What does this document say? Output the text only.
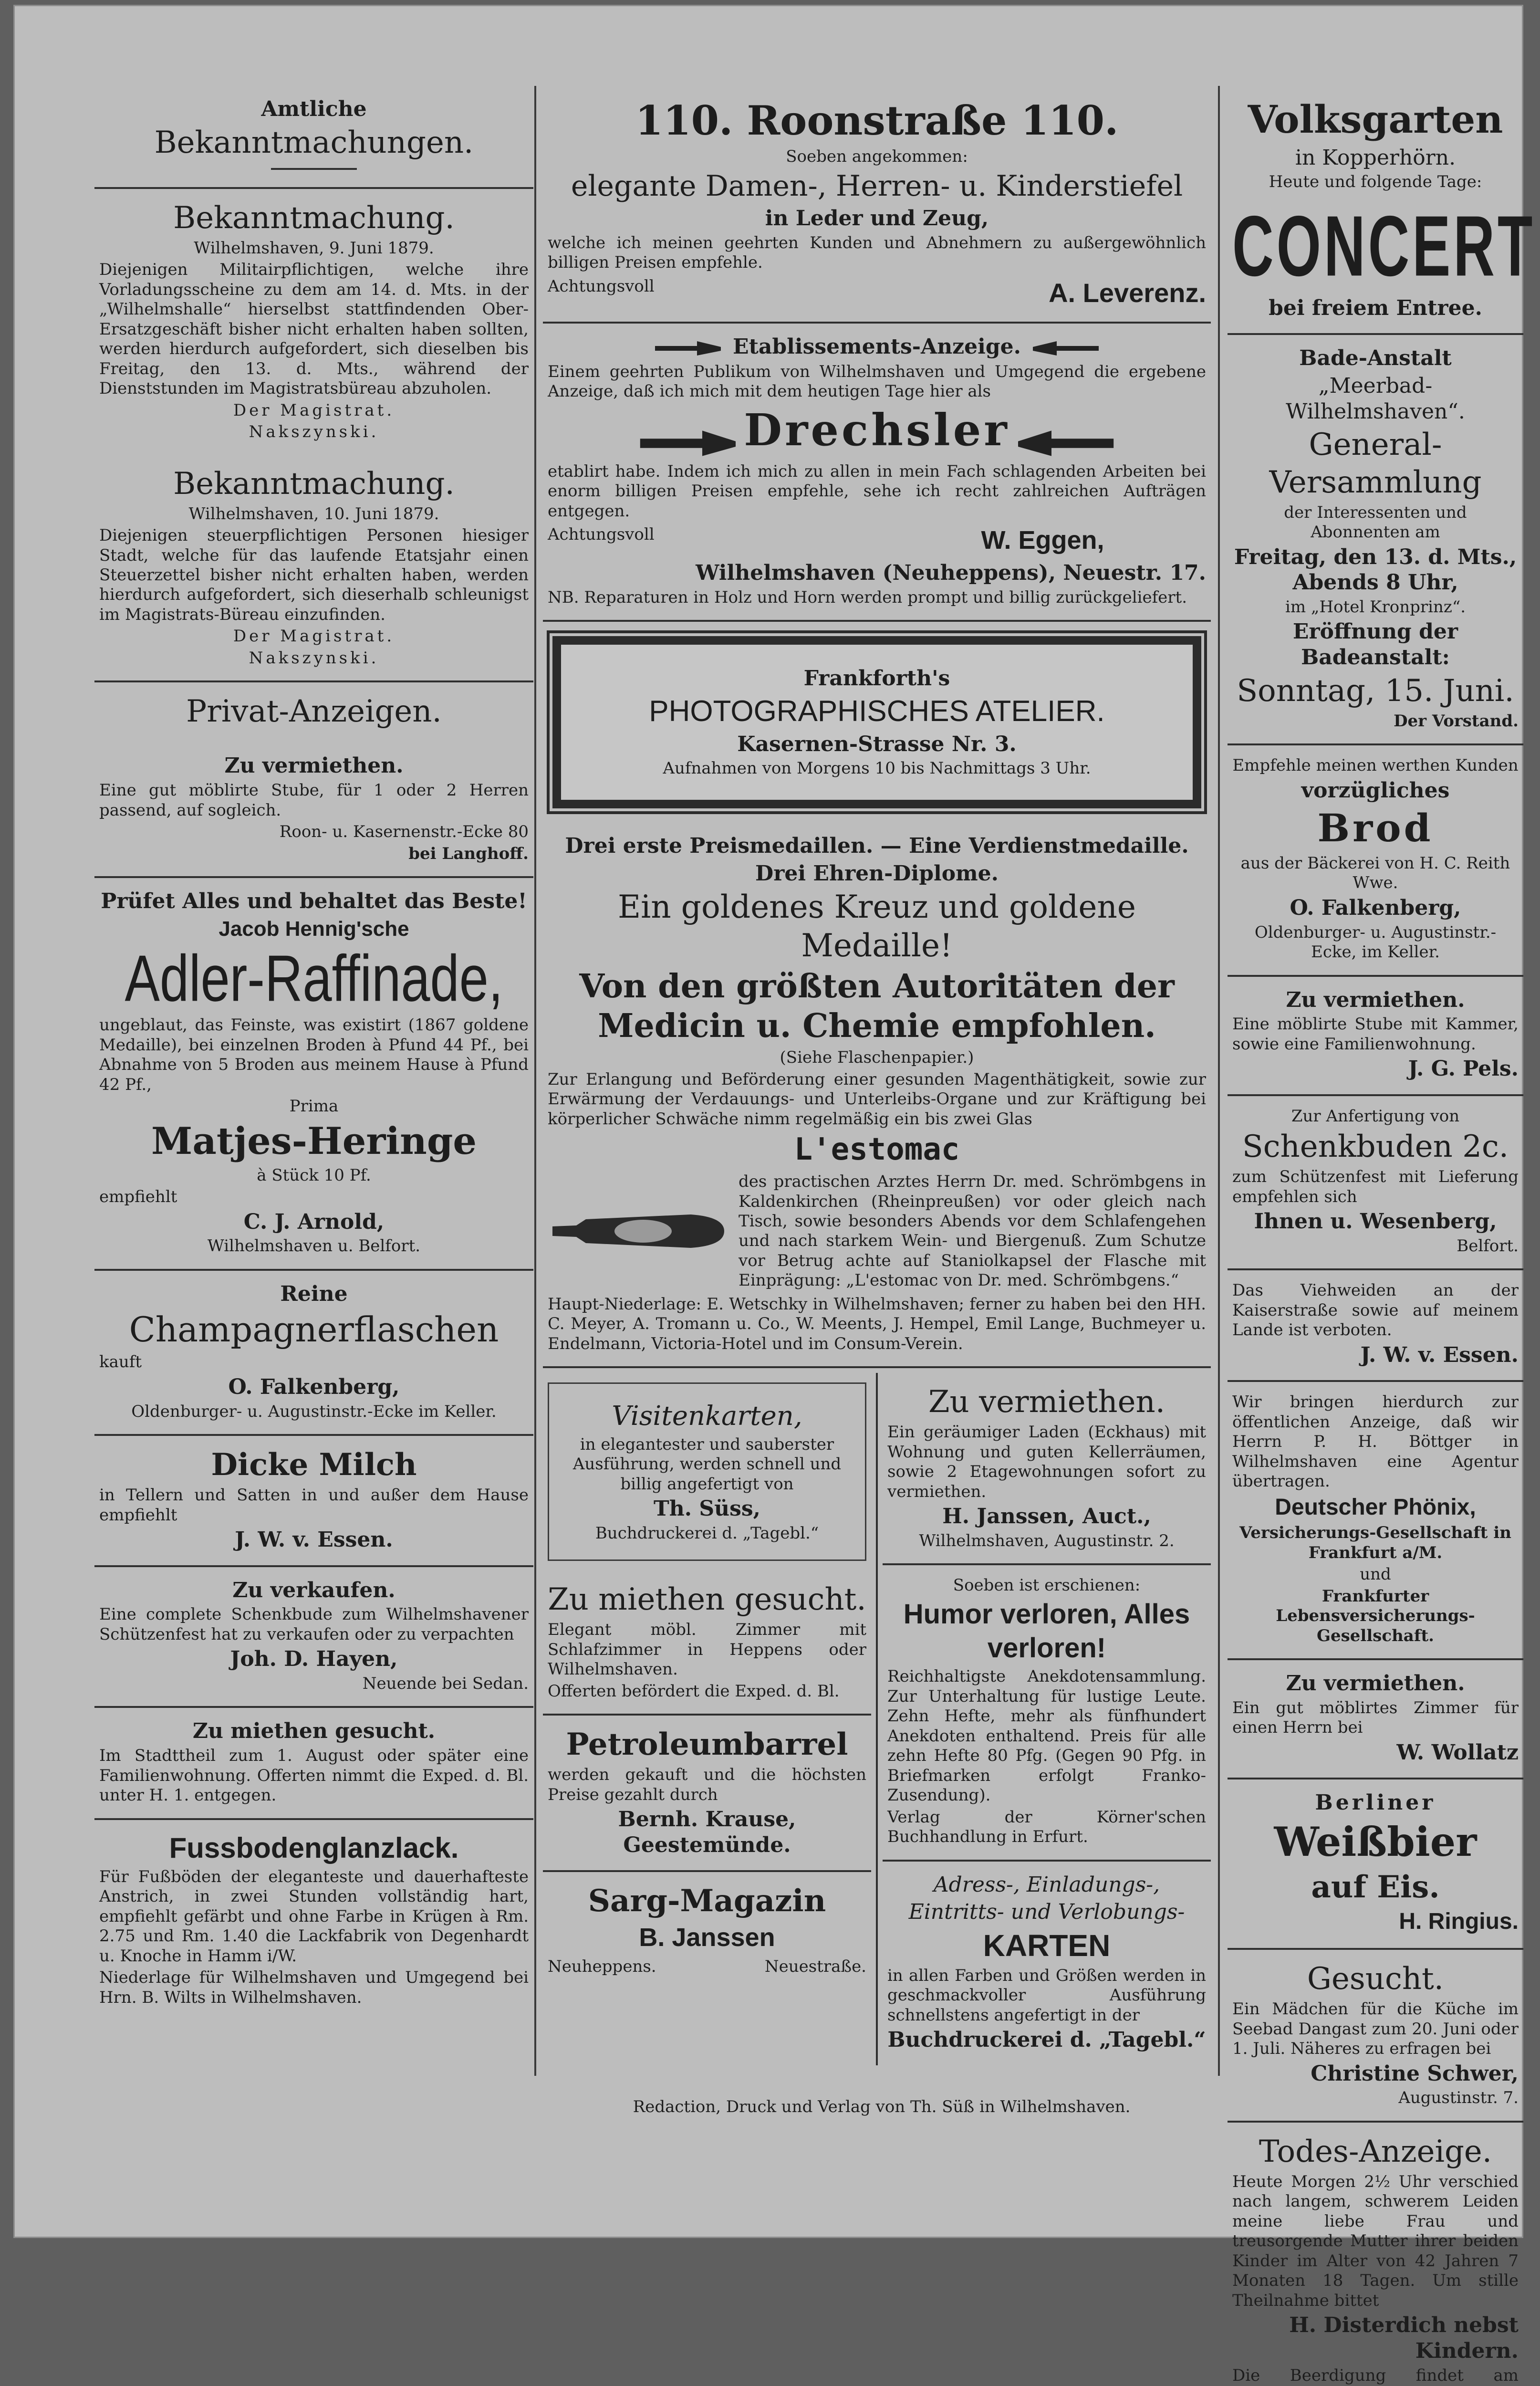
Amtliche
Bekanntmachungen.
Bekanntmachung.
Wilhelmshaven, 9. Juni 1879.
Diejenigen Militairpflichtigen, welche ihre Vorladungsscheine zu dem am 14. d. Mts. in der „Wilhelmshalle“ hierselbst stattfindenden Ober-Ersatzgeschäft bisher nicht erhalten haben sollten, werden hierdurch aufgefordert, sich dieselben bis Freitag, den 13. d. Mts., während der Dienststunden im Magistratsbüreau abzuholen.
Der Magistrat.
Nakszynski.
Bekanntmachung.
Wilhelmshaven, 10. Juni 1879.
Diejenigen steuerpflichtigen Personen hiesiger Stadt, welche für das laufende Etatsjahr einen Steuerzettel bisher nicht erhalten haben, werden hierdurch aufgefordert, sich dieserhalb schleunigst im Magistrats-Büreau einzufinden.
Der Magistrat.
Nakszynski.
Privat-Anzeigen.
Zu vermiethen.
Eine gut möblirte Stube, für 1 oder 2 Herren passend, auf sogleich.
Roon- u. Kasernenstr.-Ecke 80
bei Langhoff.
Prüfet Alles und behaltet das Beste!
Jacob Hennig'sche
Adler-Raffinade,
ungeblaut, das Feinste, was existirt (1867 goldene Medaille), bei einzelnen Broden à Pfund 44 Pf., bei Abnahme von 5 Broden aus meinem Hause à Pfund 42 Pf.,
Prima
Matjes-Heringe
à Stück 10 Pf.
empfiehlt
C. J. Arnold,
Wilhelmshaven u. Belfort.
Reine
Champagnerflaschen
kauft
O. Falkenberg,
Oldenburger- u. Augustinstr.-Ecke im Keller.
Dicke Milch
in Tellern und Satten in und außer dem Hause empfiehlt
J. W. v. Essen.
Zu verkaufen.
Eine complete Schenkbude zum Wilhelmshavener Schützenfest hat zu verkaufen oder zu verpachten
Joh. D. Hayen,
Neuende bei Sedan.
Zu miethen gesucht.
Im Stadttheil zum 1. August oder später eine Familienwohnung. Offerten nimmt die Exped. d. Bl. unter H. 1. entgegen.
Fussbodenglanzlack.
Für Fußböden der eleganteste und dauerhafteste Anstrich, in zwei Stunden vollständig hart, empfiehlt gefärbt und ohne Farbe in Krügen à Rm. 2.75 und Rm. 1.40 die Lackfabrik von Degenhardt u. Knoche in Hamm i/W.
Niederlage für Wilhelmshaven und Umgegend bei Hrn. B. Wilts in Wilhelmshaven.
110. Roonstraße 110.
Soeben angekommen:
elegante Damen-, Herren- u. Kinderstiefel
in Leder und Zeug,
welche ich meinen geehrten Kunden und Abnehmern zu außergewöhnlich billigen Preisen empfehle.
Achtungsvoll	A. Leverenz.
Etablissements-Anzeige.
Einem geehrten Publikum von Wilhelmshaven und Umgegend die ergebene Anzeige, daß ich mich mit dem heutigen Tage hier als
Drechsler
etablirt habe. Indem ich mich zu allen in mein Fach schlagenden Arbeiten bei enorm billigen Preisen empfehle, sehe ich recht zahlreichen Aufträgen entgegen.
Achtungsvoll	W. Eggen,
Wilhelmshaven (Neuheppens), Neuestr. 17.
NB. Reparaturen in Holz und Horn werden prompt und billig zurückgeliefert.
Frankforth's
PHOTOGRAPHISCHES ATELIER.
Kasernen-Strasse Nr. 3.
Aufnahmen von Morgens 10 bis Nachmittags 3 Uhr.
Drei erste Preismedaillen. — Eine Verdienstmedaille.
Drei Ehren-Diplome.
Ein goldenes Kreuz und goldene Medaille!
Von den größten Autoritäten der Medicin u. Chemie empfohlen.
(Siehe Flaschenpapier.)
Zur Erlangung und Beförderung einer gesunden Magenthätigkeit, sowie zur Erwärmung der Verdauungs- und Unterleibs-Organe und zur Kräftigung bei körperlicher Schwäche nimm regelmäßig ein bis zwei Glas
L'estomac
des practischen Arztes Herrn Dr. med. Schrömbgens in Kaldenkirchen (Rheinpreußen) vor oder gleich nach Tisch, sowie besonders Abends vor dem Schlafengehen und nach starkem Wein- und Biergenuß. Zum Schutze vor Betrug achte auf Staniolkapsel der Flasche mit Einprägung: „L'estomac von Dr. med. Schrömbgens.“
Haupt-Niederlage: E. Wetschky in Wilhelmshaven; ferner zu haben bei den HH. C. Meyer, A. Tromann u. Co., W. Meents, J. Hempel, Emil Lange, Buchmeyer u. Endelmann, Victoria-Hotel und im Consum-Verein.
Visitenkarten,
in elegantester und sauberster Ausführung, werden schnell und billig angefertigt von
Th. Süss,
Buchdruckerei d. „Tagebl.“
Zu miethen gesucht.
Elegant möbl. Zimmer mit Schlafzimmer in Heppens oder Wilhelmshaven.
Offerten befördert die Exped. d. Bl.
Petroleumbarrel
werden gekauft und die höchsten Preise gezahlt durch
Bernh. Krause, Geestemünde.
Sarg-Magazin
B. Janssen
Neuheppens.	Neuestraße.
Zu vermiethen.
Ein geräumiger Laden (Eckhaus) mit Wohnung und guten Kellerräumen, sowie 2 Etagewohnungen sofort zu vermiethen.
H. Janssen, Auct.,
Wilhelmshaven, Augustinstr. 2.
Soeben ist erschienen:
Humor verloren, Alles verloren!
Reichhaltigste Anekdotensammlung. Zur Unterhaltung für lustige Leute. Zehn Hefte, mehr als fünfhundert Anekdoten enthaltend. Preis für alle zehn Hefte 80 Pfg. (Gegen 90 Pfg. in Briefmarken erfolgt Franko-Zusendung).
Verlag der Körner'schen Buchhandlung in Erfurt.
Adress-, Einladungs-,
Eintritts- und Verlobungs-
KARTEN
in allen Farben und Größen werden in geschmackvoller Ausführung schnellstens angefertigt in der
Buchdruckerei d. „Tagebl.“
Volksgarten
in Kopperhörn.
Heute und folgende Tage:
CONCERT
bei freiem Entree.
Bade-Anstalt
„Meerbad-Wilhelmshaven“.
General-Versammlung
der Interessenten und Abonnenten am
Freitag, den 13. d. Mts., Abends 8 Uhr,
im „Hotel Kronprinz“.
Eröffnung der Badeanstalt:
Sonntag, 15. Juni.
Der Vorstand.
Empfehle meinen werthen Kunden
vorzügliches
Brod
aus der Bäckerei von H. C. Reith Wwe.
O. Falkenberg,
Oldenburger- u. Augustinstr.-Ecke, im Keller.
Zu vermiethen.
Eine möblirte Stube mit Kammer, sowie eine Familienwohnung.
J. G. Pels.
Zur Anfertigung von
Schenkbuden 2c.
zum Schützenfest mit Lieferung empfehlen sich
Ihnen u. Wesenberg,
Belfort.
Das Viehweiden an der Kaiserstraße sowie auf meinem Lande ist verboten.
J. W. v. Essen.
Wir bringen hierdurch zur öffentlichen Anzeige, daß wir Herrn P. H. Böttger in Wilhelmshaven eine Agentur übertragen.
Deutscher Phönix,
Versicherungs-Gesellschaft in Frankfurt a/M.
und
Frankfurter Lebensversicherungs-Gesellschaft.
Zu vermiethen.
Ein gut möblirtes Zimmer für einen Herrn bei
W. Wollatz
Berliner
Weißbier
auf Eis.
H. Ringius.
Gesucht.
Ein Mädchen für die Küche im Seebad Dangast zum 20. Juni oder 1. Juli. Näheres zu erfragen bei
Christine Schwer,
Augustinstr. 7.
Todes-Anzeige.
Heute Morgen 2½ Uhr verschied nach langem, schwerem Leiden meine liebe Frau und treusorgende Mutter ihrer beiden Kinder im Alter von 42 Jahren 7 Monaten 18 Tagen. Um stille Theilnahme bittet
H. Disterdich nebst Kindern.
Die Beerdigung findet am
Redaction, Druck und Verlag von Th. Süß in Wilhelmshaven.
